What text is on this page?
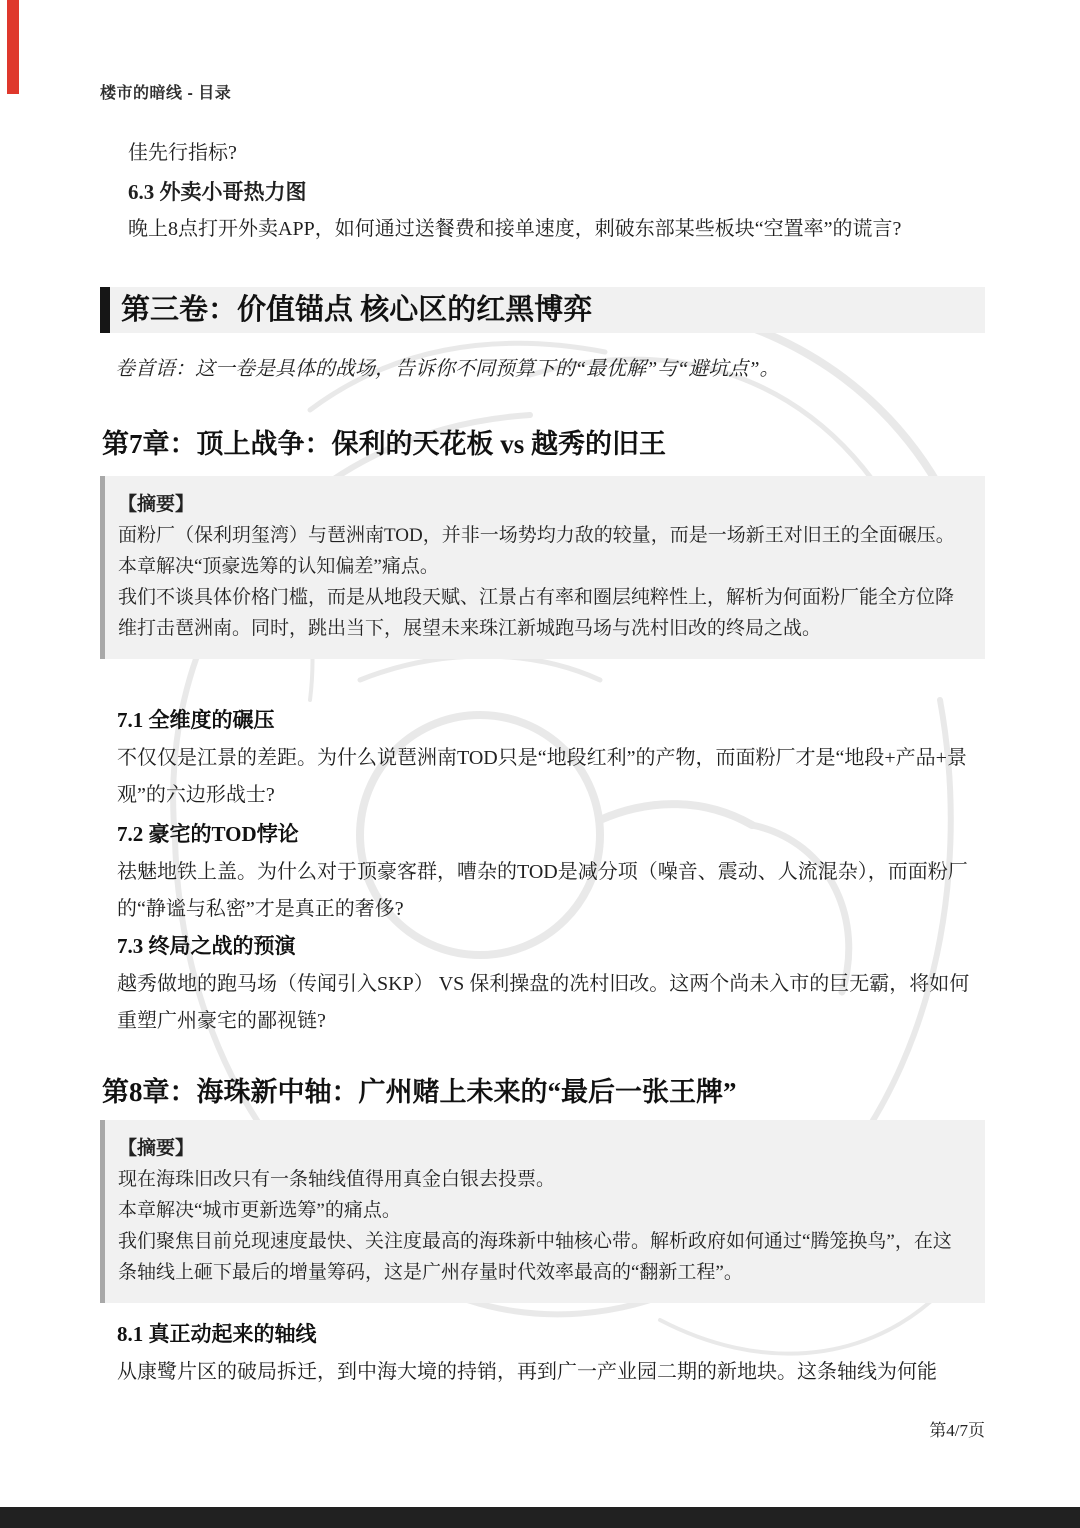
楼市的暗线 - 目录
佳先行指标?
6.3 外卖小哥热力图
晚上8点打开外卖APP，如何通过送餐费和接单速度，刺破东部某些板块“空置率”的谎言?
第三卷：价值锚点 核心区的红黑博弈
卷首语：这一卷是具体的战场，告诉你不同预算下的“最优解”与“避坑点”。
第7章：顶上战争：保利的天花板 vs 越秀的旧王

【摘要】

面粉厂（保利玥玺湾）与琶洲南TOD，并非一场势均力敌的较量，而是一场新王对旧王的全面碾压。

本章解决“顶豪选筹的认知偏差”痛点。

我们不谈具体价格门槛，而是从地段天赋、江景占有率和圈层纯粹性上，解析为何面粉厂能全方位降维打击琶洲南。同时，跳出当下，展望未来珠江新城跑马场与冼村旧改的终局之战。

7.1 全维度的碾压
不仅仅是江景的差距。为什么说琶洲南TOD只是“地段红利”的产物，而面粉厂才是“地段+产品+景观”的六边形战士?
7.2 豪宅的TOD悖论
祛魅地铁上盖。为什么对于顶豪客群，嘈杂的TOD是减分项（噪音、震动、人流混杂），而面粉厂的“静谧与私密”才是真正的奢侈?
7.3 终局之战的预演
越秀做地的跑马场（传闻引入SKP） VS 保利操盘的冼村旧改。这两个尚未入市的巨无霸，将如何重塑广州豪宅的鄙视链?
第8章：海珠新中轴：广州赌上未来的“最后一张王牌”

【摘要】

现在海珠旧改只有一条轴线值得用真金白银去投票。

本章解决“城市更新选筹”的痛点。

我们聚焦目前兑现速度最快、关注度最高的海珠新中轴核心带。解析政府如何通过“腾笼换鸟”，在这条轴线上砸下最后的增量筹码，这是广州存量时代效率最高的“翻新工程”。

8.1 真正动起来的轴线
从康鹭片区的破局拆迁，到中海大境的持销，再到广一产业园二期的新地块。这条轴线为何能
第4/7页
